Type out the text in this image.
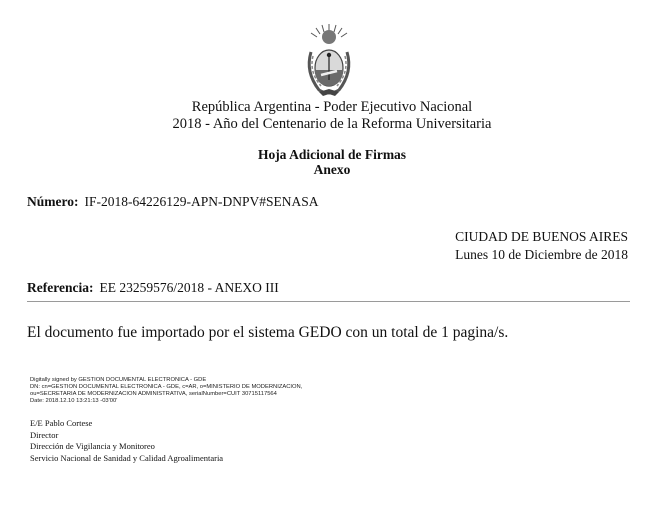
República Argentina - Poder Ejecutivo Nacional
2018 - Año del Centenario de la Reforma Universitaria
Hoja Adicional de Firmas
Anexo
Número: IF-2018-64226129-APN-DNPV#SENASA
CIUDAD DE BUENOS AIRES
Lunes 10 de Diciembre de 2018
Referencia: EE 23259576/2018 - ANEXO III
El documento fue importado por el sistema GEDO con un total de 1 pagina/s.
Digitally signed by GESTION DOCUMENTAL ELECTRONICA - GDE
DN: cn=GESTION DOCUMENTAL ELECTRONICA - GDE, c=AR, o=MINISTERIO DE MODERNIZACION,
ou=SECRETARIA DE MODERNIZACION ADMINISTRATIVA, serialNumber=CUIT 30715117564
Date: 2018.12.10 13:21:13 -03'00'
E/E Pablo Cortese
Director
Dirección de Vigilancia y Monitoreo
Servicio Nacional de Sanidad y Calidad Agroalimentaria
